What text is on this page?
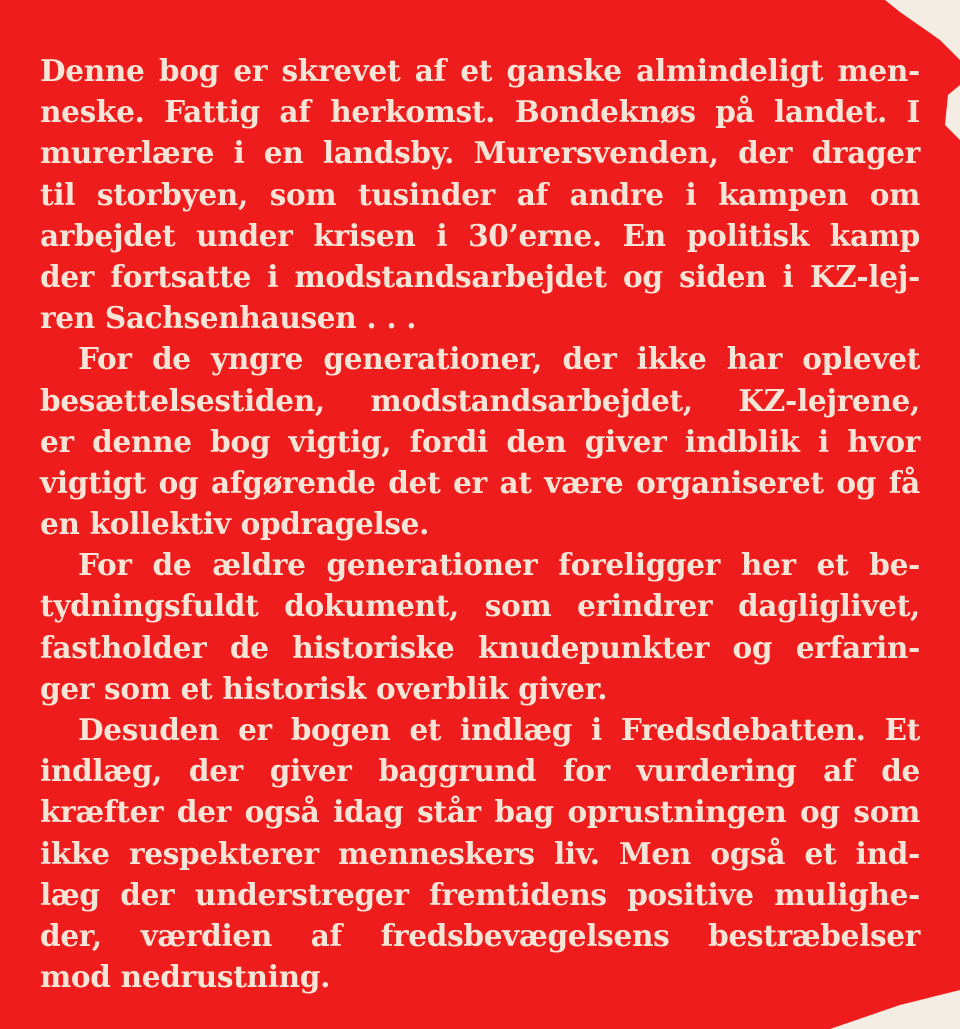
Denne bog er skrevet af et ganske almindeligt men-
neske. Fattig af herkomst. Bondeknøs på landet. I
murerlære i en landsby. Murersvenden, der drager
til storbyen, som tusinder af andre i kampen om
arbejdet under krisen i 30’erne. En politisk kamp
der fortsatte i modstandsarbejdet og siden i KZ-lej-
ren Sachsenhausen . . .
For de yngre generationer, der ikke har oplevet
besættelsestiden, modstandsarbejdet, KZ-lejrene,
er denne bog vigtig, fordi den giver indblik i hvor
vigtigt og afgørende det er at være organiseret og få
en kollektiv opdragelse.
For de ældre generationer foreligger her et be-
tydningsfuldt dokument, som erindrer dagliglivet,
fastholder de historiske knudepunkter og erfarin-
ger som et historisk overblik giver.
Desuden er bogen et indlæg i Fredsdebatten. Et
indlæg, der giver baggrund for vurdering af de
kræfter der også idag står bag oprustningen og som
ikke respekterer menneskers liv. Men også et ind-
læg der understreger fremtidens positive mulighe-
der, værdien af fredsbevægelsens bestræbelser
mod nedrustning.
